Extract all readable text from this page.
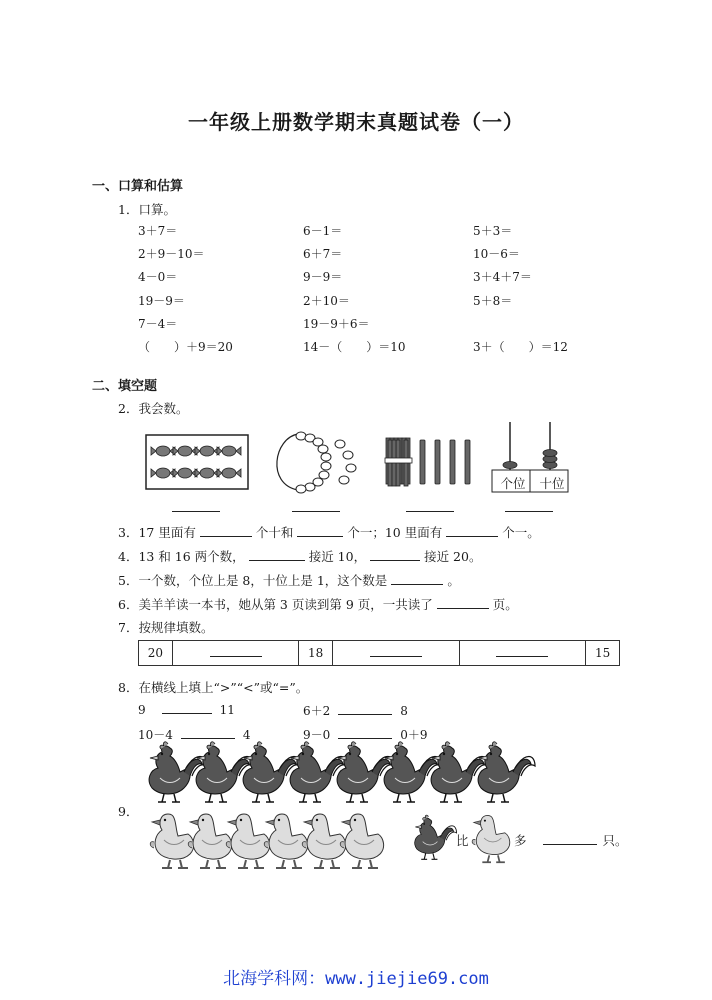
一年级上册数学期末真题试卷（一）
一、口算和估算
1．口算。
3＋7＝	6－1＝	5＋3＝
2＋9－10＝	6＋7＝	10－6＝
4－0＝	9－9＝	3＋4＋7＝
19－9＝	2＋10＝	5＋8＝
7－4＝	19－9＋6＝
（　　）＋9＝20	14－（　　）＝10	3＋（　　）＝12
二、填空题
2．我会数。
个位	十位
3．17 里面有	个十和	个一；10 里面有	个一。
4．13 和 16 两个数，	接近 10，	接近 20。
5．一个数，个位上是 8，十位上是 1，这个数是	。
6．美羊羊读一本书，她从第 3 页读到第 9 页，一共读了	页。
7．按规律填数。
20		18			15
8．在横线上填上“>”“<”或“=”。
9	11	6＋2	8
10－4	4	9－0	0＋9
9．
比	多	只。
北海学科网：www.jiejie69.com
